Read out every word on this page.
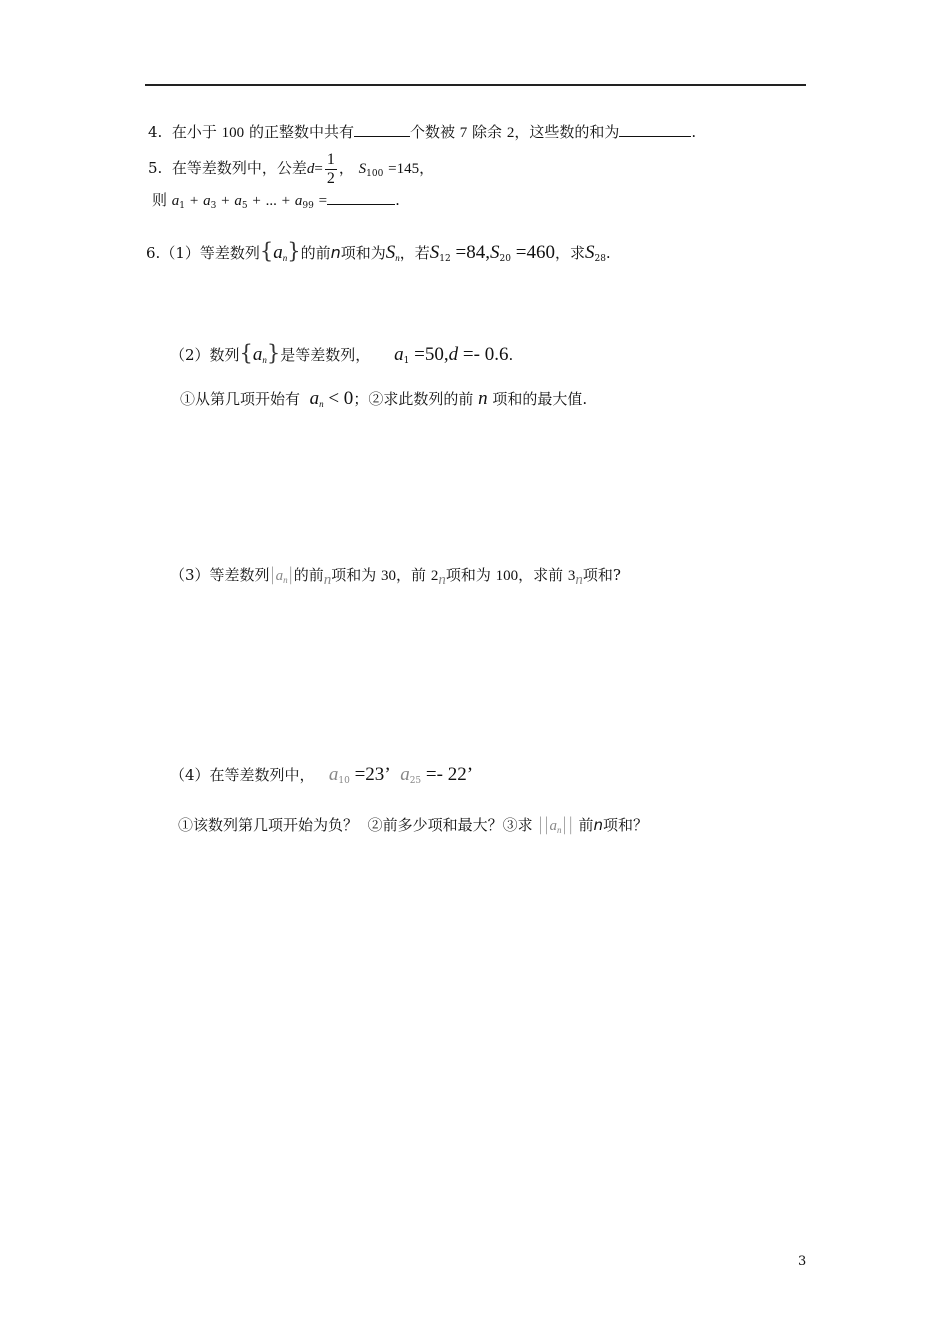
4. 在小于 100 的正整数中共有	个数被 7 除余 2，这些数的和为	.
5. 在等差数列中，公差$d= \frac{1}{2}$ ， $S_{100} =145$，
则 $a_1 + a_3 + a_5$ + ... + $a_{99}$ =	.
6.（1）等差数列$\{a_n\}$的前n项和为$S_n$，若$S_{12} =84,S_{20} =460$，求$S_{28}$.
（2）数列$\{a_n\}$是等差数列， $a_1 =50,d =- 0.6$.
①从第几项开始有 $a_n < 0$；②求此数列的前 n 项和的最大值.
（3）等差数列$|a_n|$的前n项和为 30，前 2n项和为 100，求前 3n项和?
（4）在等差数列中， $a_{10} =23$’ $a_{25} =- 22$’
①该数列第几项开始为负？ ②前多少项和最大？③求 $||a_n||$ 前n项和？
3
